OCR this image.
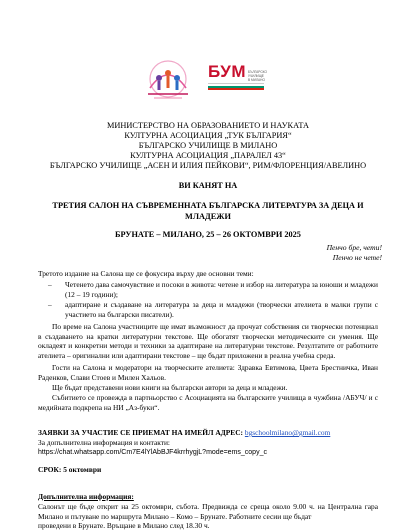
БУМ БЪЛГАРСКО
УЧИЛИЩЕ
В МИЛАНО
МИНИСТЕРСТВО НА ОБРАЗОВАНИЕТО И НАУКАТА
КУЛТУРНА АСОЦИАЦИЯ „ТУК БЪЛГАРИЯ“
БЪЛГАРСКО УЧИЛИЩЕ В МИЛАНО
КУЛТУРНА АСОЦИАЦИЯ „ПАРАЛЕЛ 43“
БЪЛГАРСКО УЧИЛИЩЕ „АСЕН И ИЛИЯ ПЕЙКОВИ“, РИМ/ФЛОРЕНЦИЯ/АВЕЛИНО
ВИ КАНЯТ НА
ТРЕТИЯ САЛОН НА СЪВРЕМЕННАТА БЪЛГАРСКА ЛИТЕРАТУРА ЗА ДЕЦА И МЛАДЕЖИ
БРУНАТЕ – МИЛАНО, 25 – 26 ОКТОМВРИ 2025
Пенчо бре, чети!
Пенчо не чете!
Третото издание на Салона ще се фокусира върху две основни теми:
– Четенето дава самочувствие и посоки в живота: четене и избор на литература за юноши и младежи (12 – 19 години);
– адаптиране и създаване на литература за деца и младежи (творчески ателиета в малки групи с участието на български писатели).
По време на Салона участниците ще имат възможност да прочуат собствения си творчески потенциал в създаването на кратки литературни текстове. Ще обогатят творчески методическите си умения. Ще окладеят и конкретни методи и техники за адаптиране на литературни текстове. Резултатите от работните ателиета – оригинални или адаптирани текстове – ще бъдат приложени в реална учебна среда.
Гости на Салона и модератори на творческите ателиета: Здравка Евтимова, Цвета Брестничка, Иван Раденков, Слави Стоев и Милен Хальов.
Ще бъдат представени нови книги на български автори за деца и младежи.
Събитието се провежда в партньорство с Асоциацията на българските училища в чужбина /АБУЧ/ и с медийната подкрепа на НИ „Аз-буки“.
ЗАЯВКИ ЗА УЧАСТИЕ СЕ ПРИЕМАТ НА ИМЕЙЛ АДРЕС: bgschoolmilano@gmail.com
За допълнителна информация и контакти:
https://chat.whatsapp.com/Cm7E4lYlAbBJF4krrhygjL?mode=ems_copy_c
СРОК: 5 октомври
Допълнителна информация:
Салонът ще бъде открит на 25 октомври, събота. Предвижда се среща около 9.00 ч. на Централна гара Милано и пътуване по маршрута Милано – Комо – Брунате. Работните сесии ще бъдат
проведени в Брунате. Връщане в Милано след 18.30 ч.
